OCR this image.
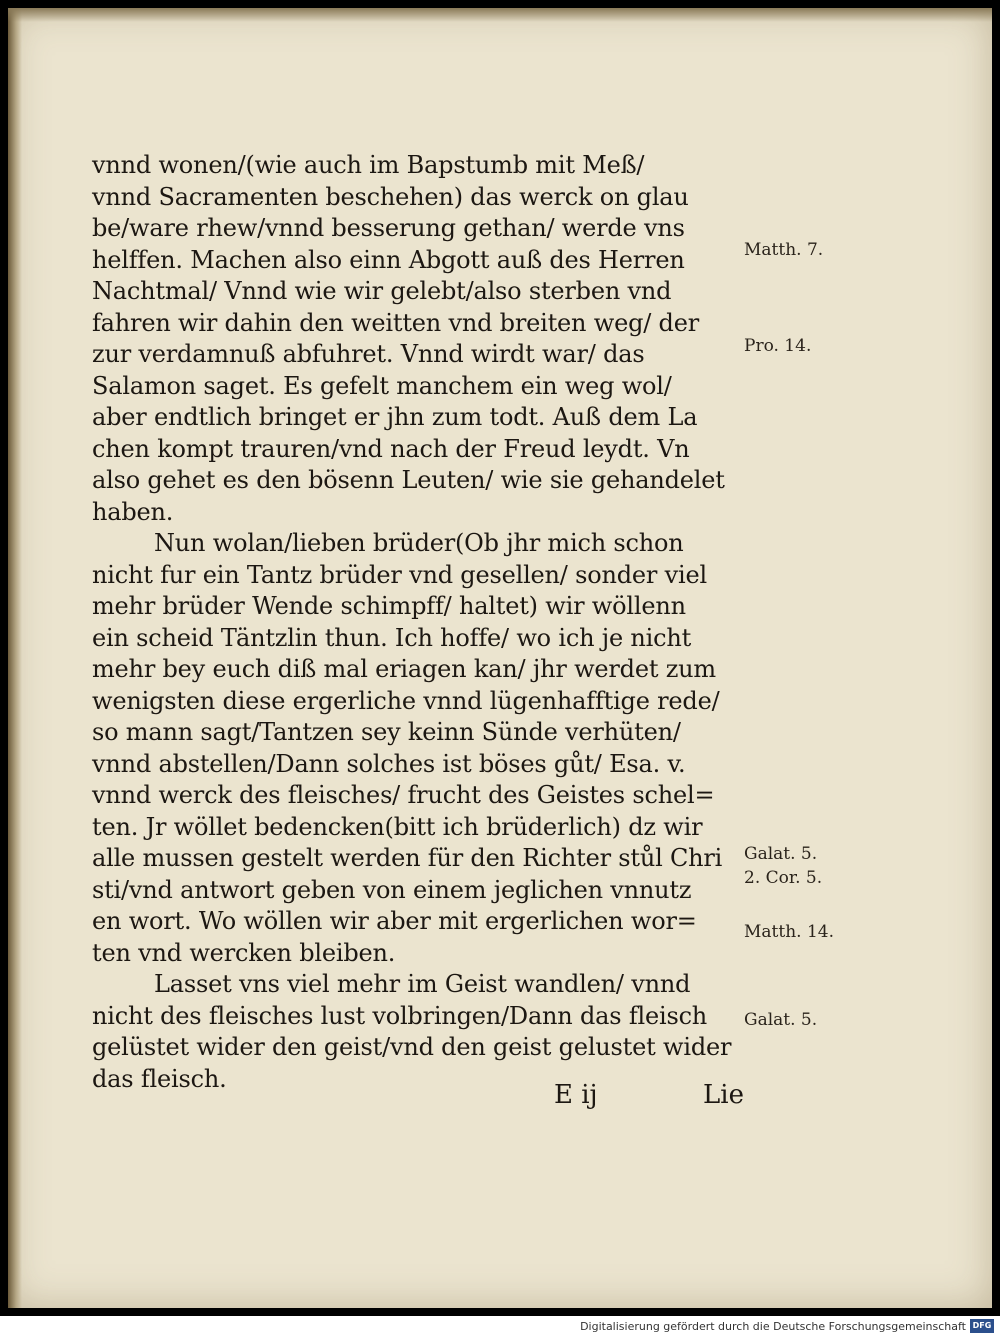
vnnd wonen/(wie auch im Bapstumb mit Meß/
vnnd Sacramenten beschehen) das werck on glau
be/ware rhew/vnnd besserung gethan/ werde vns
helffen. Machen also einn Abgott auß des Herren
Nachtmal/ Vnnd wie wir gelebt/also sterben vnd
fahren wir dahin den weitten vnd breiten weg/ der
zur verdamnuß abfuhret. Vnnd wirdt war/ das
Salamon saget. Es gefelt manchem ein weg wol/
aber endtlich bringet er jhn zum todt. Auß dem La
chen kompt trauren/vnd nach der Freud leydt. Vn
also gehet es den bösenn Leuten/ wie sie gehandelet
haben.
Nun wolan/lieben brüder(Ob jhr mich schon
nicht fur ein Tantz brüder vnd gesellen/ sonder viel
mehr brüder Wende schimpff/ haltet) wir wöllenn
ein scheid Täntzlin thun. Ich hoffe/ wo ich je nicht
mehr bey euch diß mal eriagen kan/ jhr werdet zum
wenigsten diese ergerliche vnnd lügenhafftige rede/
so mann sagt/Tantzen sey keinn Sünde verhüten/
vnnd abstellen/Dann solches ist böses gůt/ Esa. v.
vnnd werck des fleisches/ frucht des Geistes schel=
ten. Jr wöllet bedencken(bitt ich brüderlich) dz wir
alle mussen gestelt werden für den Richter stůl Chri
sti/vnd antwort geben von einem jeglichen vnnutz
en wort. Wo wöllen wir aber mit ergerlichen wor=
ten vnd wercken bleiben.
Lasset vns viel mehr im Geist wandlen/ vnnd
nicht des fleisches lust volbringen/Dann das fleisch
gelüstet wider den geist/vnd den geist gelustet wider
das fleisch.
Matth. 7.
Pro. 14.
Galat. 5.
2. Cor. 5.
Matth. 14.
Galat. 5.
E ij	Lie
Digitalisierung gefördert durch die Deutsche Forschungsgemeinschaft DFG
